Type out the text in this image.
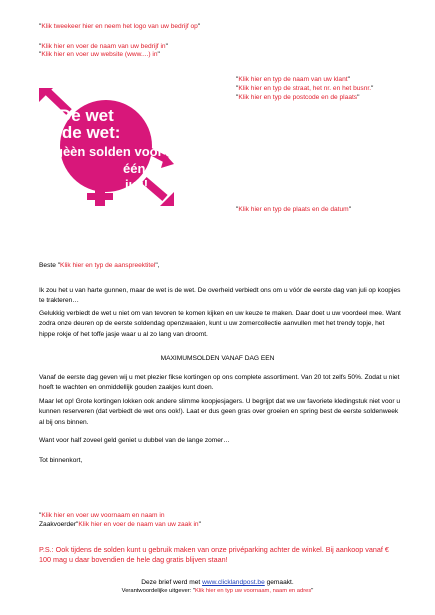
"Klik tweekeer hier en neem het logo van uw bedrijf op"
"Klik hier en voer de naam van uw bedrijf in"
"Klik hier en voer uw website (www....) in"
"Klik hier en typ de naam van uw klant"
"Klik hier en typ de straat, het nr. en het busnr."
"Klik hier en typ de postcode en de plaats"
De wet
is de wet:
gèèn solden voor
één
juli!
"Klik hier en typ de plaats en de datum"
Beste "Klik hier en typ de aanspreektitel",
Ik zou het u van harte gunnen, maar de wet is de wet. De overheid verbiedt ons om u vóór de eerste dag van juli op koopjes te trakteren…
Gelukkig verbiedt de wet u niet om van tevoren te komen kijken en uw keuze te maken. Daar doet u uw voordeel mee. Want zodra onze deuren op de eerste soldendag openzwaaien, kunt u uw zomercollectie aanvullen met het trendy topje, het hippe rokje of het toffe jasje waar u al zo lang van droomt.
MAXIMUMSOLDEN VANAF DAG EEN
Vanaf de eerste dag geven wij u met plezier fikse kortingen op ons complete assortiment. Van 20 tot zelfs 50%. Zodat u niet hoeft te wachten en onmiddellijk gouden zaakjes kunt doen.
Maar let op! Grote kortingen lokken ook andere slimme koopjesjagers. U begrijpt dat we uw favoriete kledingstuk niet voor u kunnen reserveren (dat verbiedt de wet ons ook!). Laat er dus geen gras over groeien en spring best de eerste soldenweek al bij ons binnen.
Want voor half zoveel geld geniet u dubbel van de lange zomer…
Tot binnenkort,
"Klik hier en voer uw voornaam en naam in
Zaakvoerder"Klik hier en voer de naam van uw zaak in"
P.S.: Ook tijdens de solden kunt u gebruik maken van onze privéparking achter de winkel. Bij aankoop vanaf € 100 mag u daar bovendien de hele dag gratis blijven staan!
Deze brief werd met www.clicklandpost.be gemaakt.
Verantwoordelijke uitgever: "Klik hier en typ uw voornaam, naam en adres"
